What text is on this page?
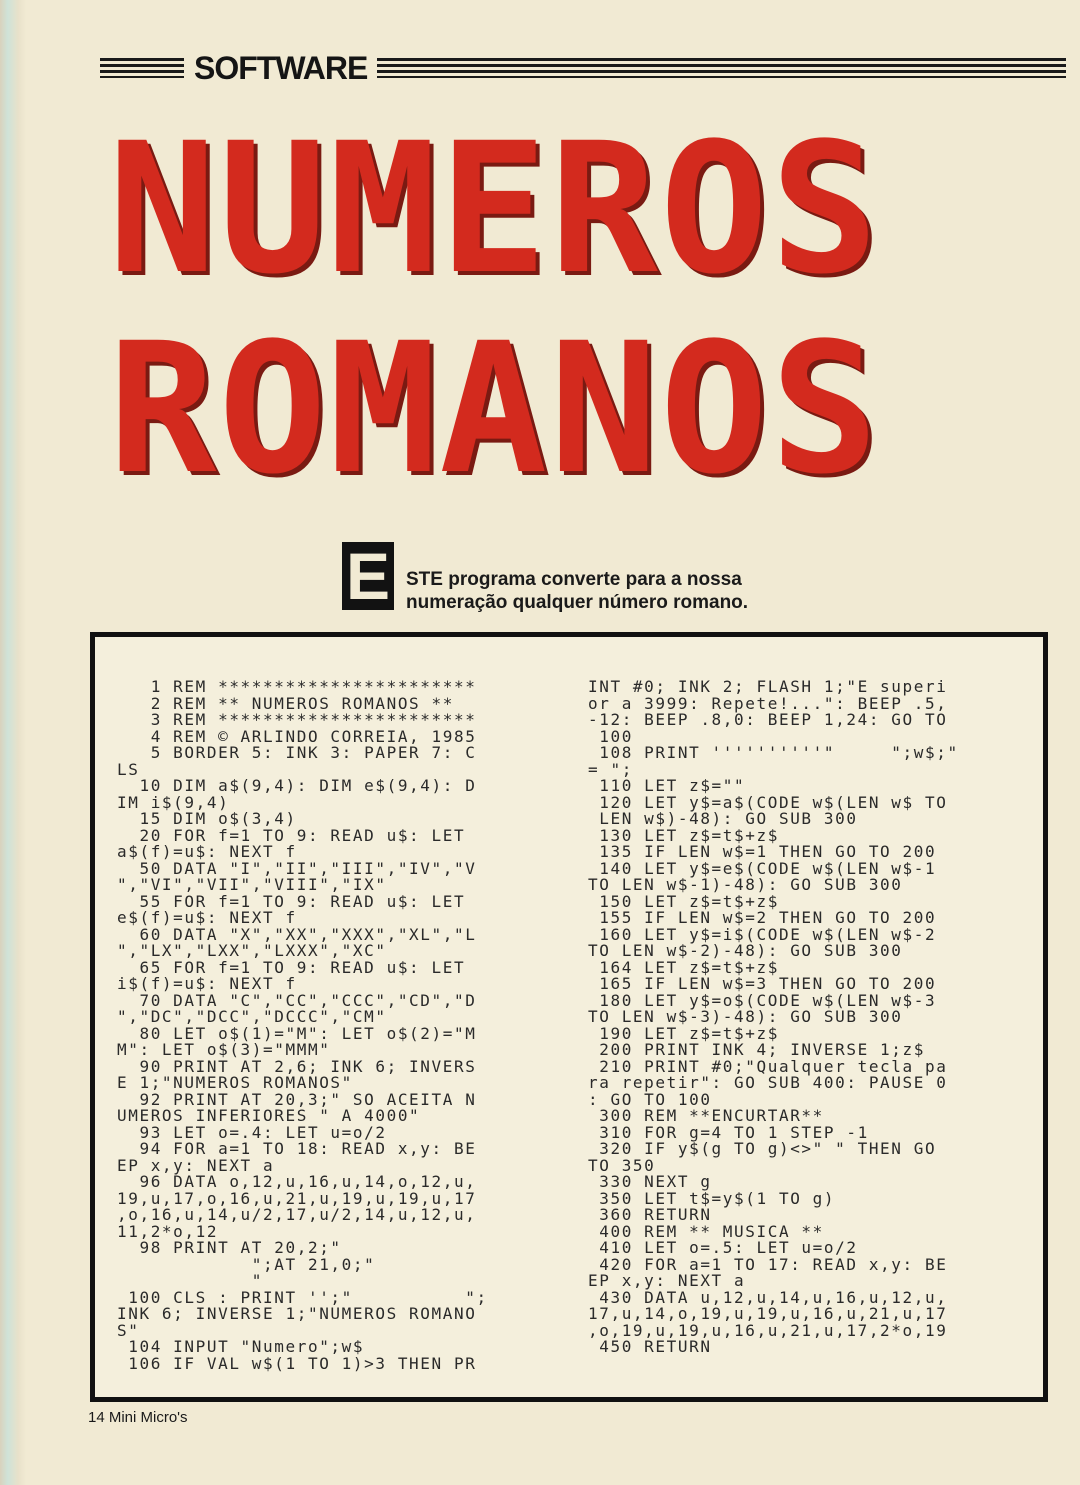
SOFTWARE
NUMEROS
ROMANOS
E STE programa converte para a nossa numeração qualquer número romano.
1 REM ***********************
2 REM ** NUMEROS ROMANOS **
3 REM ***********************
4 REM © ARLINDO CORREIA, 1985
5 BORDER 5: INK 3: PAPER 7: C
LS
10 DIM a$(9,4): DIM e$(9,4): D
IM i$(9,4)
15 DIM o$(3,4)
20 FOR f=1 TO 9: READ u$: LET
a$(f)=u$: NEXT f
50 DATA "I","II","III","IV","V
","VI","VII","VIII","IX"
55 FOR f=1 TO 9: READ u$: LET
e$(f)=u$: NEXT f
60 DATA "X","XX","XXX","XL","L
","LX","LXX","LXXX","XC"
65 FOR f=1 TO 9: READ u$: LET
i$(f)=u$: NEXT f
70 DATA "C","CC","CCC","CD","D
","DC","DCC","DCCC","CM"
80 LET o$(1)="M": LET o$(2)="M
M": LET o$(3)="MMM"
90 PRINT AT 2,6; INK 6; INVERS
E 1;"NUMEROS ROMANOS"
92 PRINT AT 20,3;" SO ACEITA N
UMEROS INFERIORES " A 4000"
93 LET o=.4: LET u=o/2
94 FOR a=1 TO 18: READ x,y: BE
EP x,y: NEXT a
96 DATA o,12,u,16,u,14,o,12,u,
19,u,17,o,16,u,21,u,19,u,19,u,17
,o,16,u,14,u/2,17,u/2,14,u,12,u,
11,2*o,12
98 PRINT AT 20,2;"
";AT 21,0;"
"
100 CLS : PRINT '';"          ";
INK 6; INVERSE 1;"NUMEROS ROMANO
S"
104 INPUT "Numero";w$
106 IF VAL w$(1 TO 1)>3 THEN PR
INT #0; INK 2; FLASH 1;"E superi
or a 3999: Repete!...": BEEP .5,
-12: BEEP .8,0: BEEP 1,24: GO TO
100
108 PRINT ''''''''''"     ";w$;"
= ";
110 LET z$=""
120 LET y$=a$(CODE w$(LEN w$ TO
LEN w$)-48): GO SUB 300
130 LET z$=t$+z$
135 IF LEN w$=1 THEN GO TO 200
140 LET y$=e$(CODE w$(LEN w$-1
TO LEN w$-1)-48): GO SUB 300
150 LET z$=t$+z$
155 IF LEN w$=2 THEN GO TO 200
160 LET y$=i$(CODE w$(LEN w$-2
TO LEN w$-2)-48): GO SUB 300
164 LET z$=t$+z$
165 IF LEN w$=3 THEN GO TO 200
180 LET y$=o$(CODE w$(LEN w$-3
TO LEN w$-3)-48): GO SUB 300
190 LET z$=t$+z$
200 PRINT INK 4; INVERSE 1;z$
210 PRINT #0;"Qualquer tecla pa
ra repetir": GO SUB 400: PAUSE 0
: GO TO 100
300 REM **ENCURTAR**
310 FOR g=4 TO 1 STEP -1
320 IF y$(g TO g)<>" " THEN GO
TO 350
330 NEXT g
350 LET t$=y$(1 TO g)
360 RETURN
400 REM ** MUSICA **
410 LET o=.5: LET u=o/2
420 FOR a=1 TO 17: READ x,y: BE
EP x,y: NEXT a
430 DATA u,12,u,14,u,16,u,12,u,
17,u,14,o,19,u,19,u,16,u,21,u,17
,o,19,u,19,u,16,u,21,u,17,2*o,19
450 RETURN
14 Mini Micro's
